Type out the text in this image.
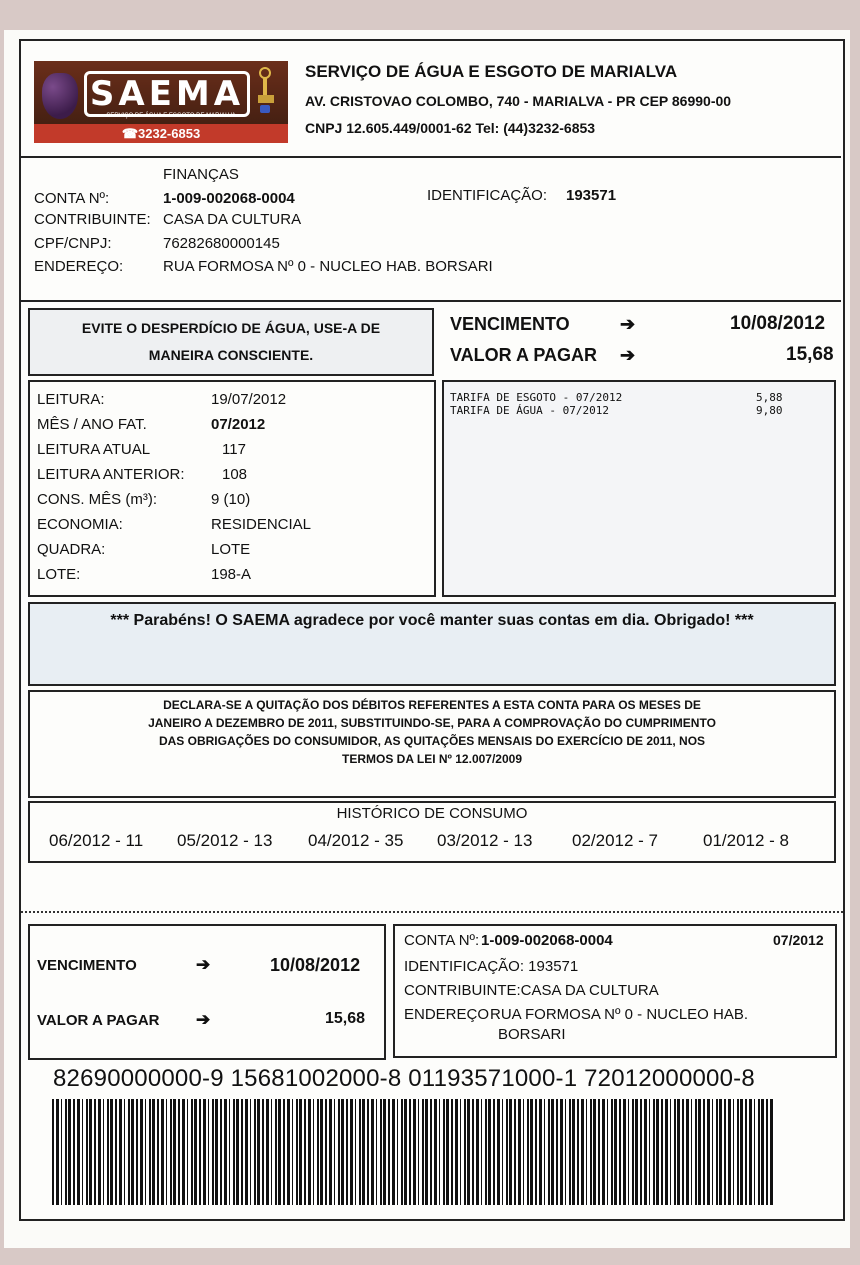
SAEMA
SERVIÇO DE ÁGUA E ESGOTO DE MARIALVA
☎3232-6853
SERVIÇO DE ÁGUA E ESGOTO DE MARIALVA
AV. CRISTOVAO COLOMBO, 740 - MARIALVA - PR CEP 86990-00
CNPJ 12.605.449/0001-62 Tel: (44)3232-6853
FINANÇAS
CONTA Nº:	1-009-002068-0004	IDENTIFICAÇÃO: 193571
CONTRIBUINTE: CASA DA CULTURA
CPF/CNPJ:	76282680000145
ENDEREÇO:	RUA FORMOSA Nº 0 - NUCLEO HAB. BORSARI
EVITE O DESPERDÍCIO DE ÁGUA, USE-A DE
MANEIRA CONSCIENTE.
VENCIMENTO	➔	10/08/2012
VALOR A PAGAR ➔	15,68
LEITURA:	19/07/2012
MÊS / ANO FAT.	07/2012
LEITURA ATUAL	117
LEITURA ANTERIOR: 108
CONS. MÊS (m³):	9 (10)
ECONOMIA:	RESIDENCIAL
QUADRA:	LOTE
LOTE:	198-A
TARIFA DE ESGOTO - 07/2012	5,88
TARIFA DE ÁGUA - 07/2012	9,80
*** Parabéns! O SAEMA agradece por você manter suas contas em dia. Obrigado! ***
DECLARA-SE A QUITAÇÃO DOS DÉBITOS REFERENTES A ESTA CONTA PARA OS MESES DE
JANEIRO A DEZEMBRO DE 2011, SUBSTITUINDO-SE, PARA A COMPROVAÇÃO DO CUMPRIMENTO
DAS OBRIGAÇÕES DO CONSUMIDOR, AS QUITAÇÕES MENSAIS DO EXERCÍCIO DE 2011, NOS
TERMOS DA LEI Nº 12.007/2009
HISTÓRICO DE CONSUMO
06/2012 - 11 05/2012 - 13 04/2012 - 35 03/2012 - 13 02/2012 - 7	01/2012 - 8
VENCIMENTO	➔	10/08/2012
VALOR A PAGAR ➔	15,68
CONTA Nº: 1-009-002068-0004	07/2012
IDENTIFICAÇÃO: 193571
CONTRIBUINTE:CASA DA CULTURA
ENDEREÇO RUA FORMOSA Nº 0 - NUCLEO HAB.
BORSARI
82690000000-9 15681002000-8 01193571000-1 72012000000-8
